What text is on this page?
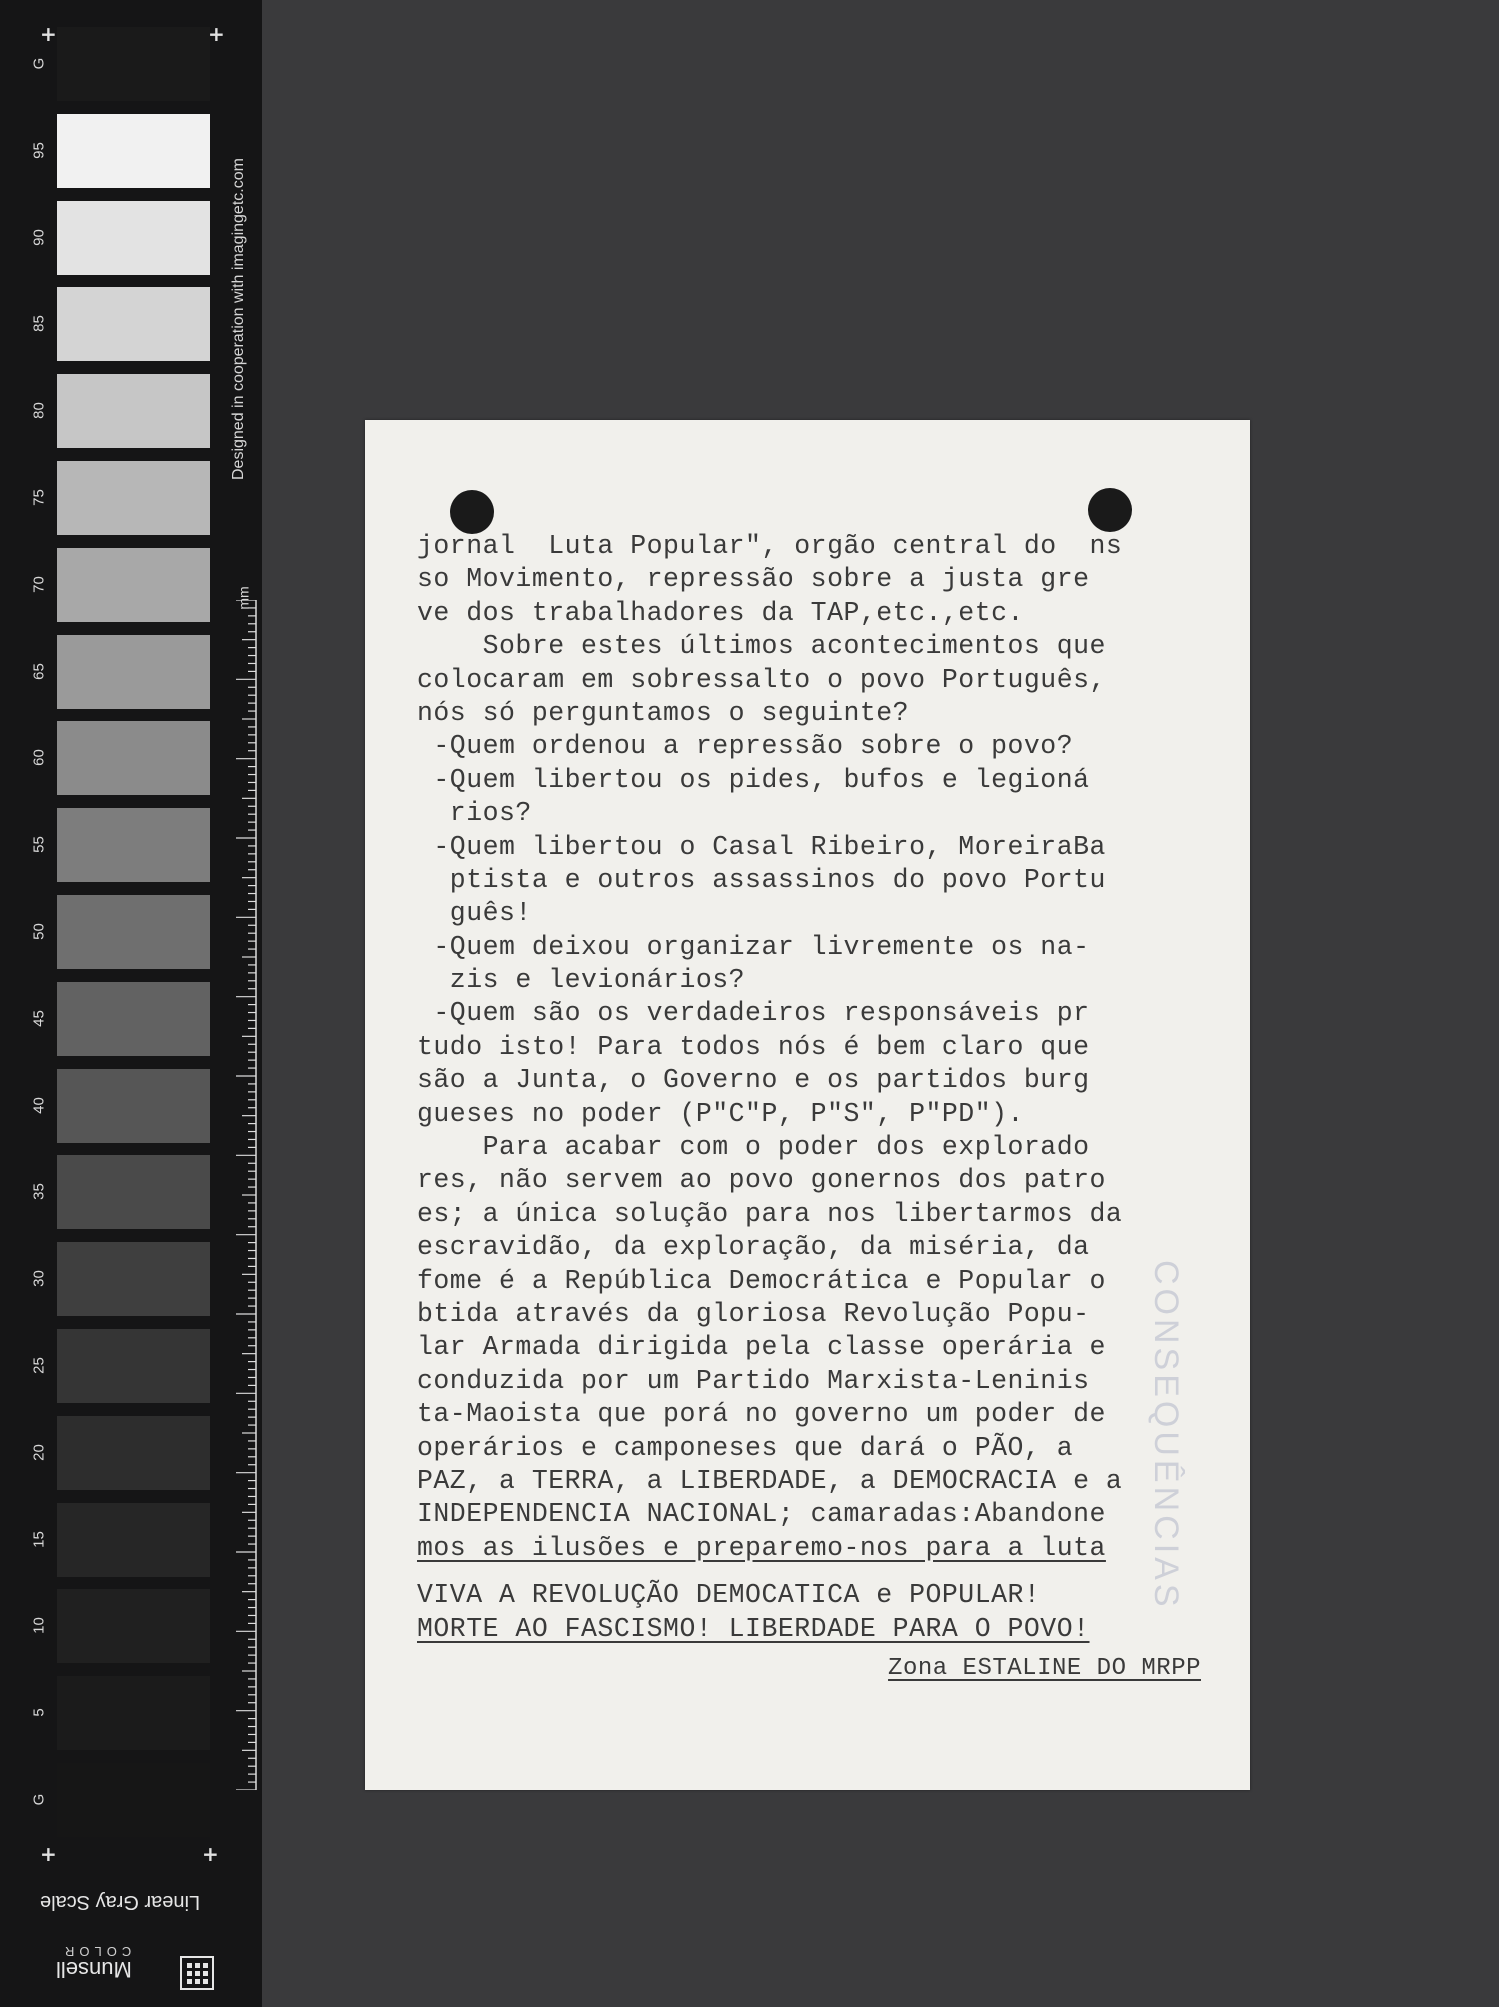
G
95
90
85
80
75
70
65
60
55
50
45
40
35
30
25
20
15
10
5
G
+	+
+	+
Designed in cooperation with imagingetc.com
mm
COLOR
Munsell
Linear Gray Scale
CONSEQUÊNCIAS
jornal  Luta Popular", orgão central do  ns
so Movimento, repressão sobre a justa gre
ve dos trabalhadores da TAP,etc.,etc.
Sobre estes últimos acontecimentos que
colocaram em sobressalto o povo Português,
nós só perguntamos o seguinte?
-Quem ordenou a repressão sobre o povo?
-Quem libertou os pides, bufos e legioná
rios?
-Quem libertou o Casal Ribeiro, MoreiraBa
ptista e outros assassinos do povo Portu
guês!
-Quem deixou organizar livremente os na-
zis e levionários?
-Quem são os verdadeiros responsáveis pr
tudo isto! Para todos nós é bem claro que
são a Junta, o Governo e os partidos burg
gueses no poder (P"C"P, P"S", P"PD").
Para acabar com o poder dos explorado
res, não servem ao povo gonernos dos patro
es; a única solução para nos libertarmos da
escravidão, da exploração, da miséria, da
fome é a República Democrática e Popular o
btida através da gloriosa Revolução Popu-
lar Armada dirigida pela classe operária e
conduzida por um Partido Marxista-Leninis
ta-Maoista que porá no governo um poder de
operários e camponeses que dará o PÃO, a
PAZ, a TERRA, a LIBERDADE, a DEMOCRACIA e a
INDEPENDENCIA NACIONAL; camaradas:Abandone
mos as ilusões e preparemo-nos para a luta
VIVA A REVOLUÇÃO DEMOCATICA e POPULAR!
MORTE AO FASCISMO! LIBERDADE PARA O POVO!
Zona ESTALINE DO MRPP
